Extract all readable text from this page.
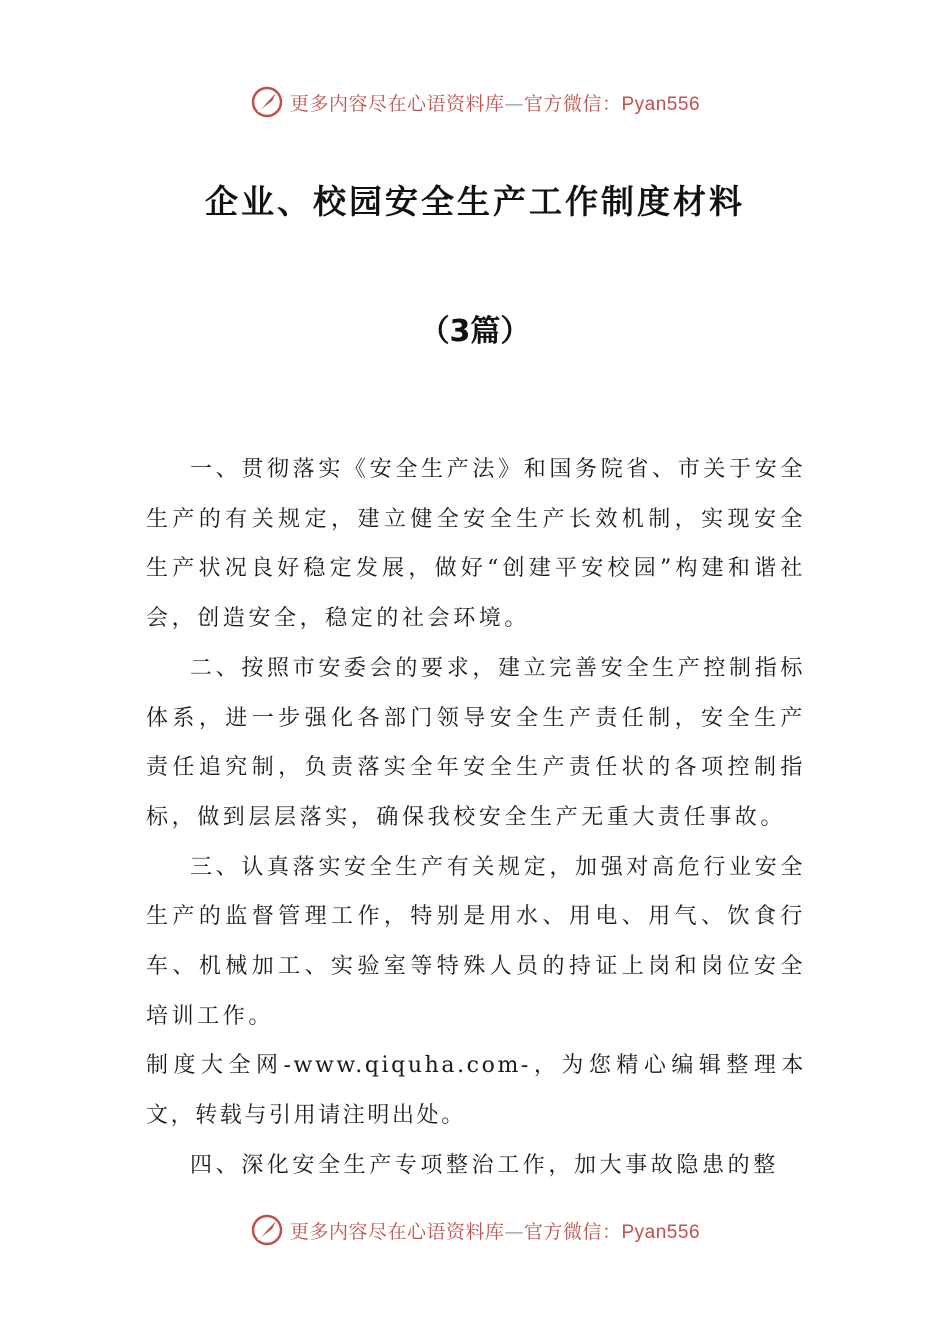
更多内容尽在心语资料库—官方微信：Pyan556
企业、校园安全生产工作制度材料
（3篇）

一、贯彻落实《安全生产法》和国务院省、市关于安全生产的有关规定，建立健全安全生产长效机制，实现安全生产状况良好稳定发展，做好“创建平安校园”构建和谐社会，创造安全，稳定的社会环境。

二、按照市安委会的要求，建立完善安全生产控制指标体系，进一步强化各部门领导安全生产责任制，安全生产责任追究制，负责落实全年安全生产责任状的各项控制指标，做到层层落实，确保我校安全生产无重大责任事故。

三、认真落实安全生产有关规定，加强对高危行业安全生产的监督管理工作，特别是用水、用电、用气、饮食行车、机械加工、实验室等特殊人员的持证上岗和岗位安全培训工作。

制度大全网-www.qiquha.com-，为您精心编辑整理本文，转载与引用请注明出处。

四、深化安全生产专项整治工作，加大事故隐患的整

更多内容尽在心语资料库—官方微信：Pyan556
